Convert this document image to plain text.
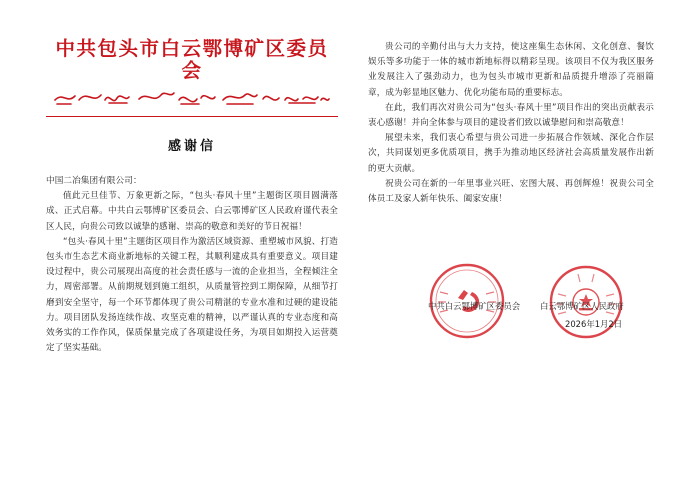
中共包头市白云鄂博矿区委员会
感谢信

中国二冶集团有限公司：

值此元旦佳节、万象更新之际，“包头·春风十里”主题街区项目圆满落成、正式启幕。中共白云鄂博矿区委员会、白云鄂博矿区人民政府谨代表全区人民，向贵公司致以诚挚的感谢、崇高的敬意和美好的节日祝福！

“包头·春风十里”主题街区项目作为激活区域资源、重塑城市风貌、打造包头市生态艺术商业新地标的关键工程，其顺利建成具有重要意义。项目建设过程中，贵公司展现出高度的社会责任感与一流的企业担当，全程倾注全力，周密部署。从前期规划到施工组织，从质量管控到工期保障，从细节打磨到安全坚守，每一个环节都体现了贵公司精湛的专业水准和过硬的建设能力。项目团队发扬连续作战、攻坚克难的精神，以严谨认真的专业态度和高效务实的工作作风，保质保量完成了各项建设任务，为项目如期投入运营奠定了坚实基础。

贵公司的辛勤付出与大力支持，使这座集生态休闲、文化创意、餐饮娱乐等多功能于一体的城市新地标得以精彩呈现。该项目不仅为我区服务业发展注入了强劲动力，也为包头市城市更新和品质提升增添了亮丽篇章，成为彰显地区魅力、优化功能布局的重要标志。

在此，我们再次对贵公司为“包头·春风十里”项目作出的突出贡献表示衷心感谢！并向全体参与项目的建设者们致以诚挚慰问和崇高敬意！

展望未来，我们衷心希望与贵公司进一步拓展合作领域、深化合作层次，共同谋划更多优质项目，携手为推动地区经济社会高质量发展作出新的更大贡献。

祝贵公司在新的一年里事业兴旺、宏图大展、再创辉煌！祝贵公司全体员工及家人新年快乐、阖家安康！

中共白云鄂博矿区委员会 白云鄂博矿区人民政府
2026年1月2日
